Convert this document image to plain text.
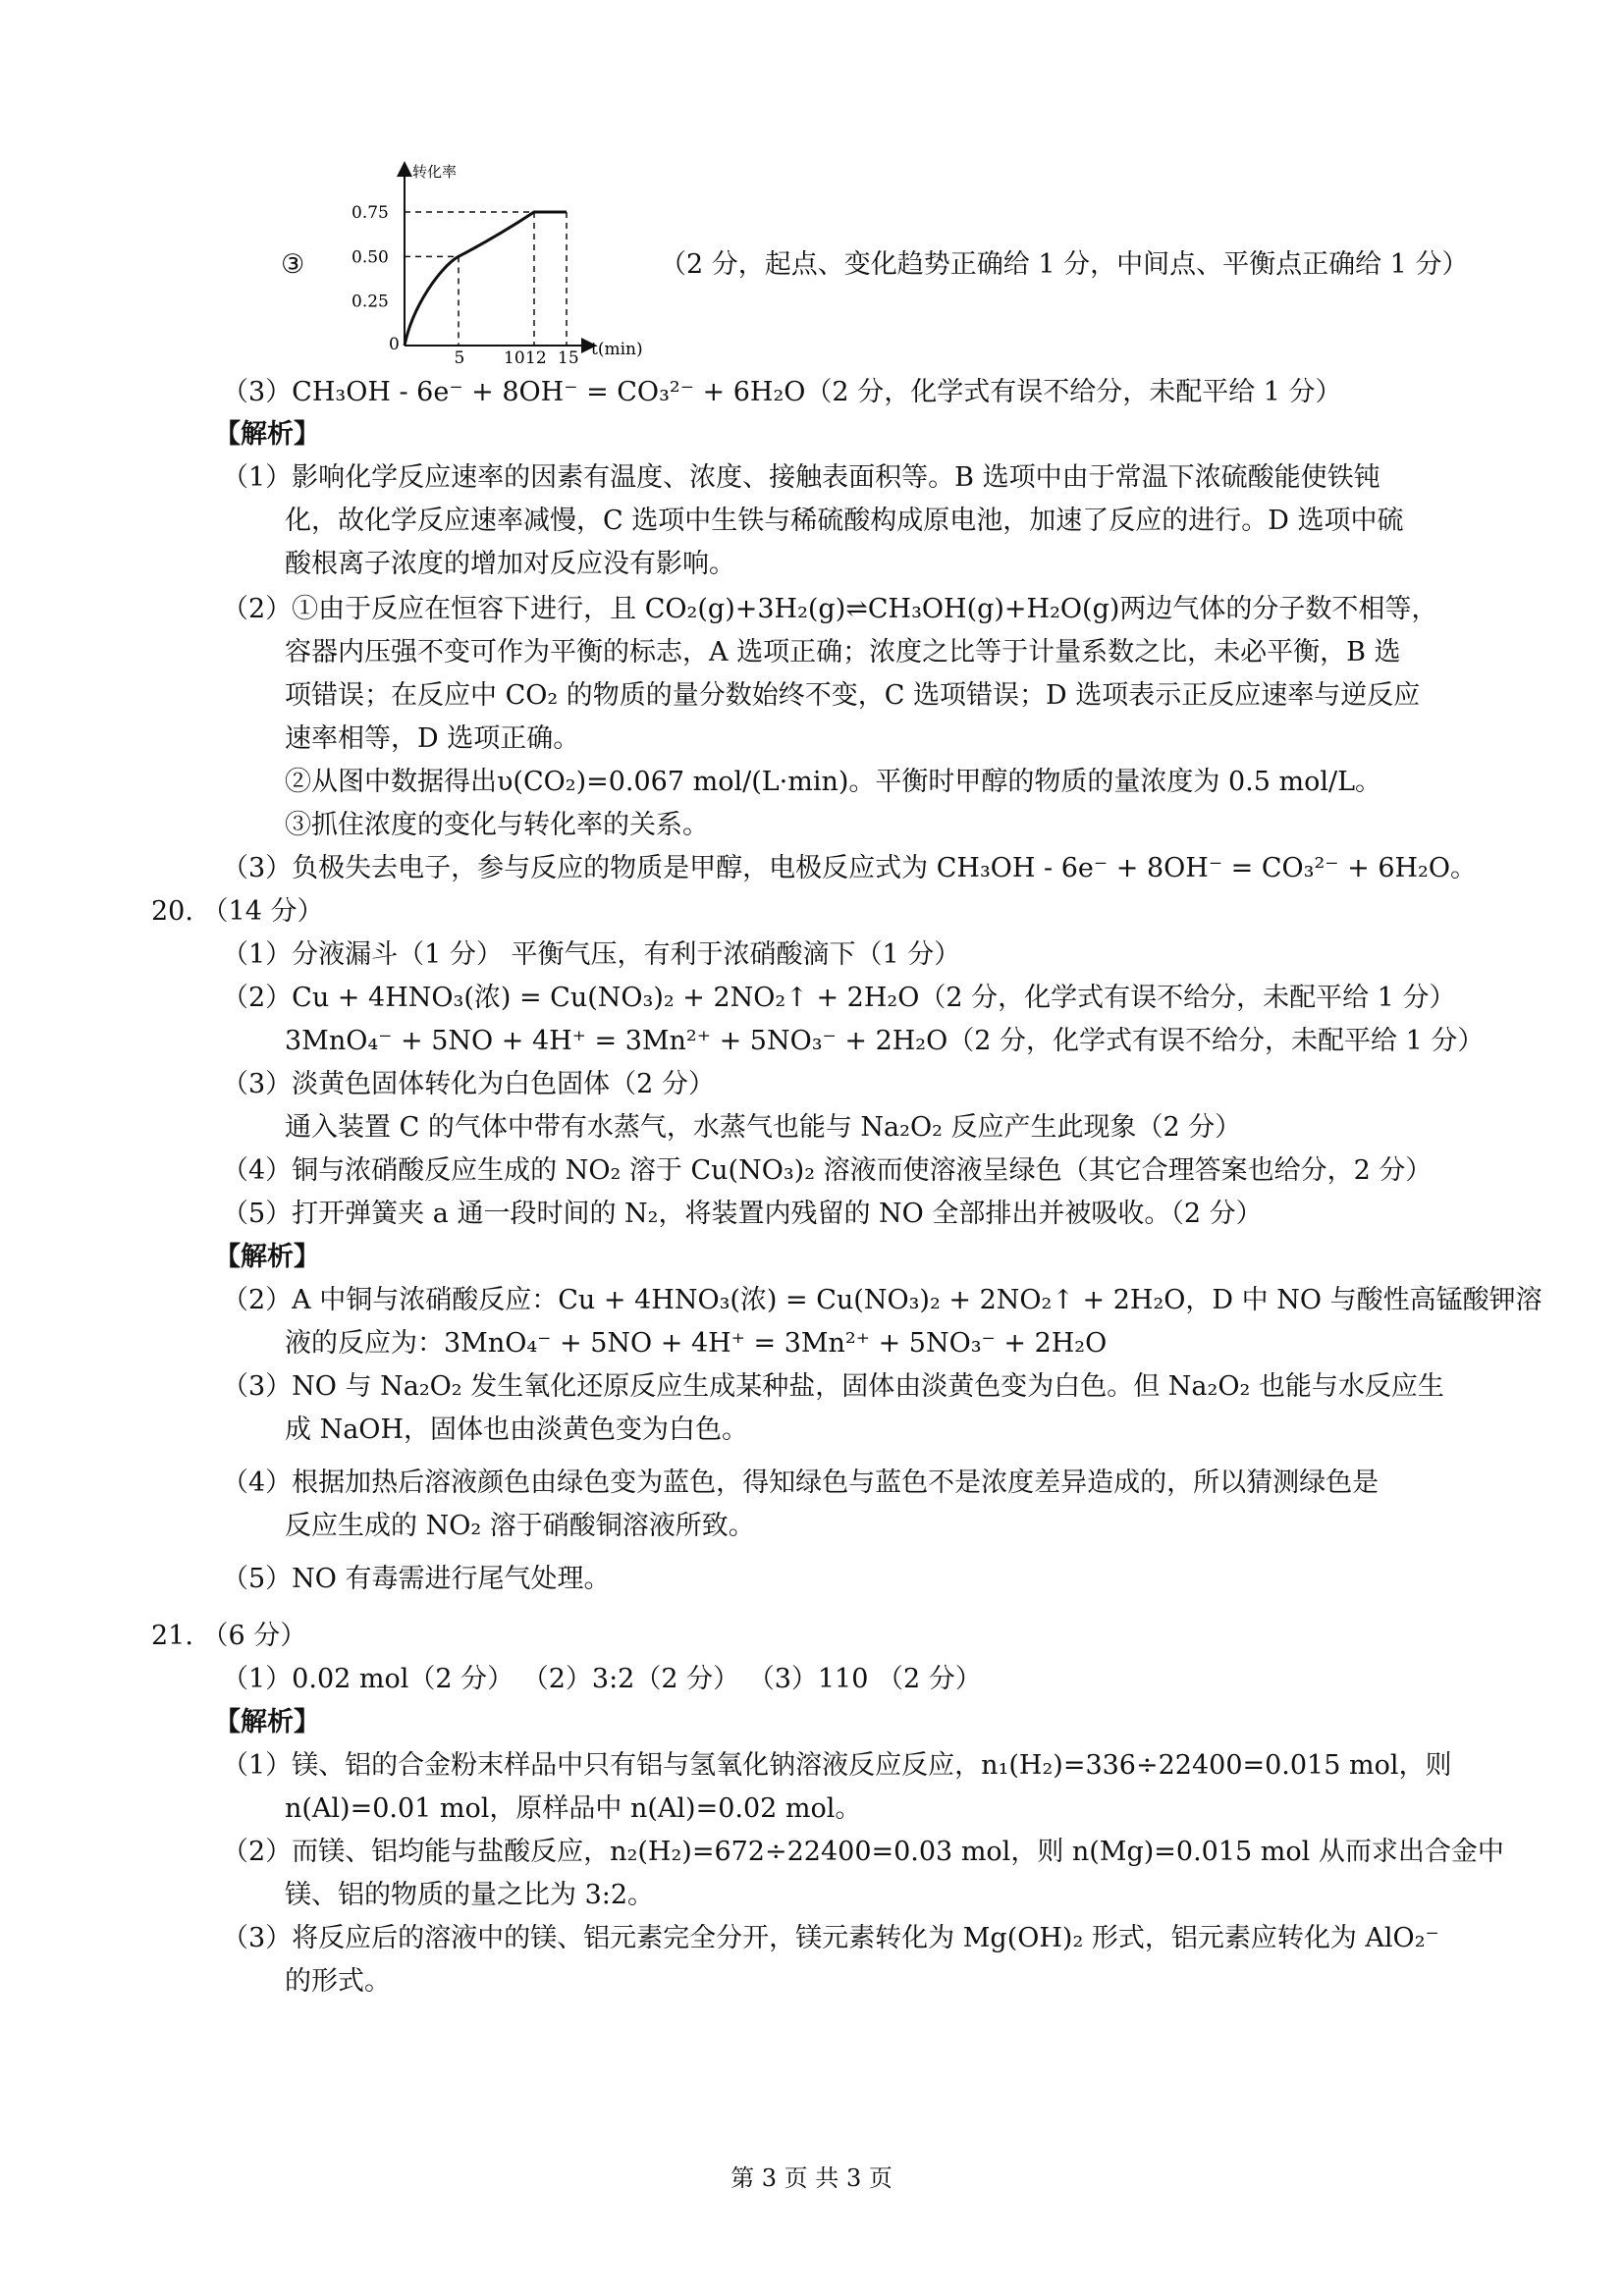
③
转化率
t(min)
0
0.75
0.50
0.25
5 10 12 15
（2 分，起点、变化趋势正确给 1 分，中间点、平衡点正确给 1 分）
（3）CH₃OH - 6e⁻ + 8OH⁻ = CO₃²⁻ + 6H₂O（2 分，化学式有误不给分，未配平给 1 分）
【解析】
（1）影响化学反应速率的因素有温度、浓度、接触表面积等。B 选项中由于常温下浓硫酸能使铁钝
化，故化学反应速率减慢，C 选项中生铁与稀硫酸构成原电池，加速了反应的进行。D 选项中硫
酸根离子浓度的增加对反应没有影响。
（2）①由于反应在恒容下进行，且 CO₂(g)+3H₂(g)⇌CH₃OH(g)+H₂O(g)两边气体的分子数不相等，
容器内压强不变可作为平衡的标志，A 选项正确；浓度之比等于计量系数之比，未必平衡，B 选
项错误；在反应中 CO₂ 的物质的量分数始终不变，C 选项错误；D 选项表示正反应速率与逆反应
速率相等，D 选项正确。
②从图中数据得出υ(CO₂)=0.067 mol/(L·min)。平衡时甲醇的物质的量浓度为 0.5 mol/L。
③抓住浓度的变化与转化率的关系。
（3）负极失去电子，参与反应的物质是甲醇，电极反应式为 CH₃OH - 6e⁻ + 8OH⁻ = CO₃²⁻ + 6H₂O。
20. （14 分）
（1）分液漏斗（1 分） 平衡气压，有利于浓硝酸滴下（1 分）
（2）Cu + 4HNO₃(浓) = Cu(NO₃)₂ + 2NO₂↑ + 2H₂O（2 分，化学式有误不给分，未配平给 1 分）
3MnO₄⁻ + 5NO + 4H⁺ = 3Mn²⁺ + 5NO₃⁻ + 2H₂O（2 分，化学式有误不给分，未配平给 1 分）
（3）淡黄色固体转化为白色固体（2 分）
通入装置 C 的气体中带有水蒸气，水蒸气也能与 Na₂O₂ 反应产生此现象（2 分）
（4）铜与浓硝酸反应生成的 NO₂ 溶于 Cu(NO₃)₂ 溶液而使溶液呈绿色（其它合理答案也给分，2 分）
（5）打开弹簧夹 a 通一段时间的 N₂，将装置内残留的 NO 全部排出并被吸收。（2 分）
【解析】
（2）A 中铜与浓硝酸反应：Cu + 4HNO₃(浓) = Cu(NO₃)₂ + 2NO₂↑ + 2H₂O，D 中 NO 与酸性高锰酸钾溶
液的反应为：3MnO₄⁻ + 5NO + 4H⁺ = 3Mn²⁺ + 5NO₃⁻ + 2H₂O
（3）NO 与 Na₂O₂ 发生氧化还原反应生成某种盐，固体由淡黄色变为白色。但 Na₂O₂ 也能与水反应生
成 NaOH，固体也由淡黄色变为白色。
（4）根据加热后溶液颜色由绿色变为蓝色，得知绿色与蓝色不是浓度差异造成的，所以猜测绿色是
反应生成的 NO₂ 溶于硝酸铜溶液所致。
（5）NO 有毒需进行尾气处理。
21. （6 分）
（1）0.02 mol（2 分） （2）3:2（2 分） （3）110 （2 分）
【解析】
（1）镁、铝的合金粉末样品中只有铝与氢氧化钠溶液反应反应，n₁(H₂)=336÷22400=0.015 mol，则
n(Al)=0.01 mol，原样品中 n(Al)=0.02 mol。
（2）而镁、铝均能与盐酸反应，n₂(H₂)=672÷22400=0.03 mol，则 n(Mg)=0.015 mol 从而求出合金中
镁、铝的物质的量之比为 3:2。
（3）将反应后的溶液中的镁、铝元素完全分开，镁元素转化为 Mg(OH)₂ 形式，铝元素应转化为 AlO₂⁻
的形式。
第 3 页 共 3 页
